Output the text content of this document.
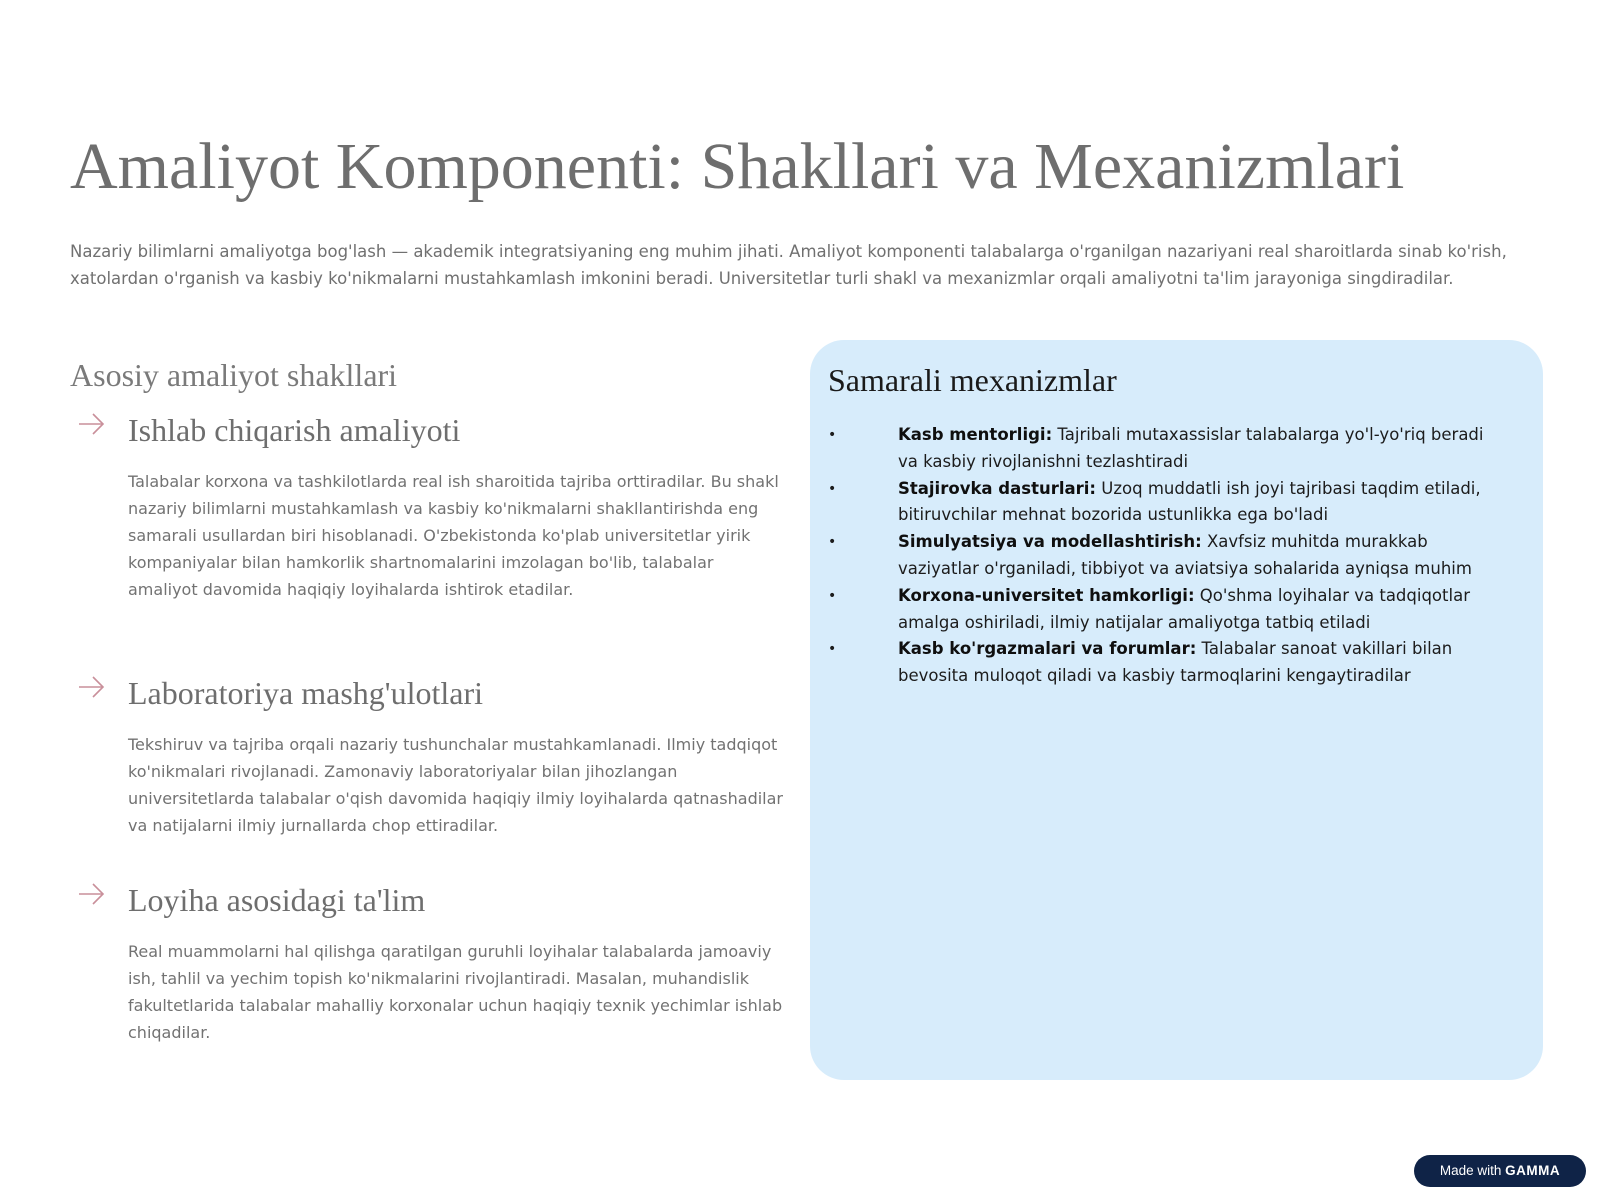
Amaliyot Komponenti: Shakllari va Mexanizmlari

Nazariy bilimlarni amaliyotga bog'lash — akademik integratsiyaning eng muhim jihati. Amaliyot komponenti talabalarga o'rganilgan nazariyani real sharoitlarda sinab ko'rish, xatolardan o'rganish va kasbiy ko'nikmalarni mustahkamlash imkonini beradi. Universitetlar turli shakl va mexanizmlar orqali amaliyotni ta'lim jarayoniga singdiradilar.

Asosiy amaliyot shakllari
Ishlab chiqarish amaliyoti

Talabalar korxona va tashkilotlarda real ish sharoitida tajriba orttiradilar. Bu shakl nazariy bilimlarni mustahkamlash va kasbiy ko'nikmalarni shakllantirishda eng samarali usullardan biri hisoblanadi. O'zbekistonda ko'plab universitetlar yirik kompaniyalar bilan hamkorlik shartnomalarini imzolagan bo'lib, talabalar amaliyot davomida haqiqiy loyihalarda ishtirok etadilar.

Laboratoriya mashg'ulotlari

Tekshiruv va tajriba orqali nazariy tushunchalar mustahkamlanadi. Ilmiy tadqiqot ko'nikmalari rivojlanadi. Zamonaviy laboratoriyalar bilan jihozlangan universitetlarda talabalar o'qish davomida haqiqiy ilmiy loyihalarda qatnashadilar va natijalarni ilmiy jurnallarda chop ettiradilar.

Loyiha asosidagi ta'lim

Real muammolarni hal qilishga qaratilgan guruhli loyihalar talabalarda jamoaviy ish, tahlil va yechim topish ko'nikmalarini rivojlantiradi. Masalan, muhandislik fakultetlarida talabalar mahalliy korxonalar uchun haqiqiy texnik yechimlar ishlab chiqadilar.

Samarali mexanizmlar
•	Kasb mentorligi: Tajribali mutaxassislar talabalarga yo'l-yo'riq beradi va kasbiy rivojlanishni tezlashtiradi
•	Stajirovka dasturlari: Uzoq muddatli ish joyi tajribasi taqdim etiladi, bitiruvchilar mehnat bozorida ustunlikka ega bo'ladi
•	Simulyatsiya va modellashtirish: Xavfsiz muhitda murakkab vaziyatlar o'rganiladi, tibbiyot va aviatsiya sohalarida ayniqsa muhim
•	Korxona-universitet hamkorligi: Qo'shma loyihalar va tadqiqotlar amalga oshiriladi, ilmiy natijalar amaliyotga tatbiq etiladi
•	Kasb ko'rgazmalari va forumlar: Talabalar sanoat vakillari bilan bevosita muloqot qiladi va kasbiy tarmoqlarini kengaytiradilar
Made with GAMMA
